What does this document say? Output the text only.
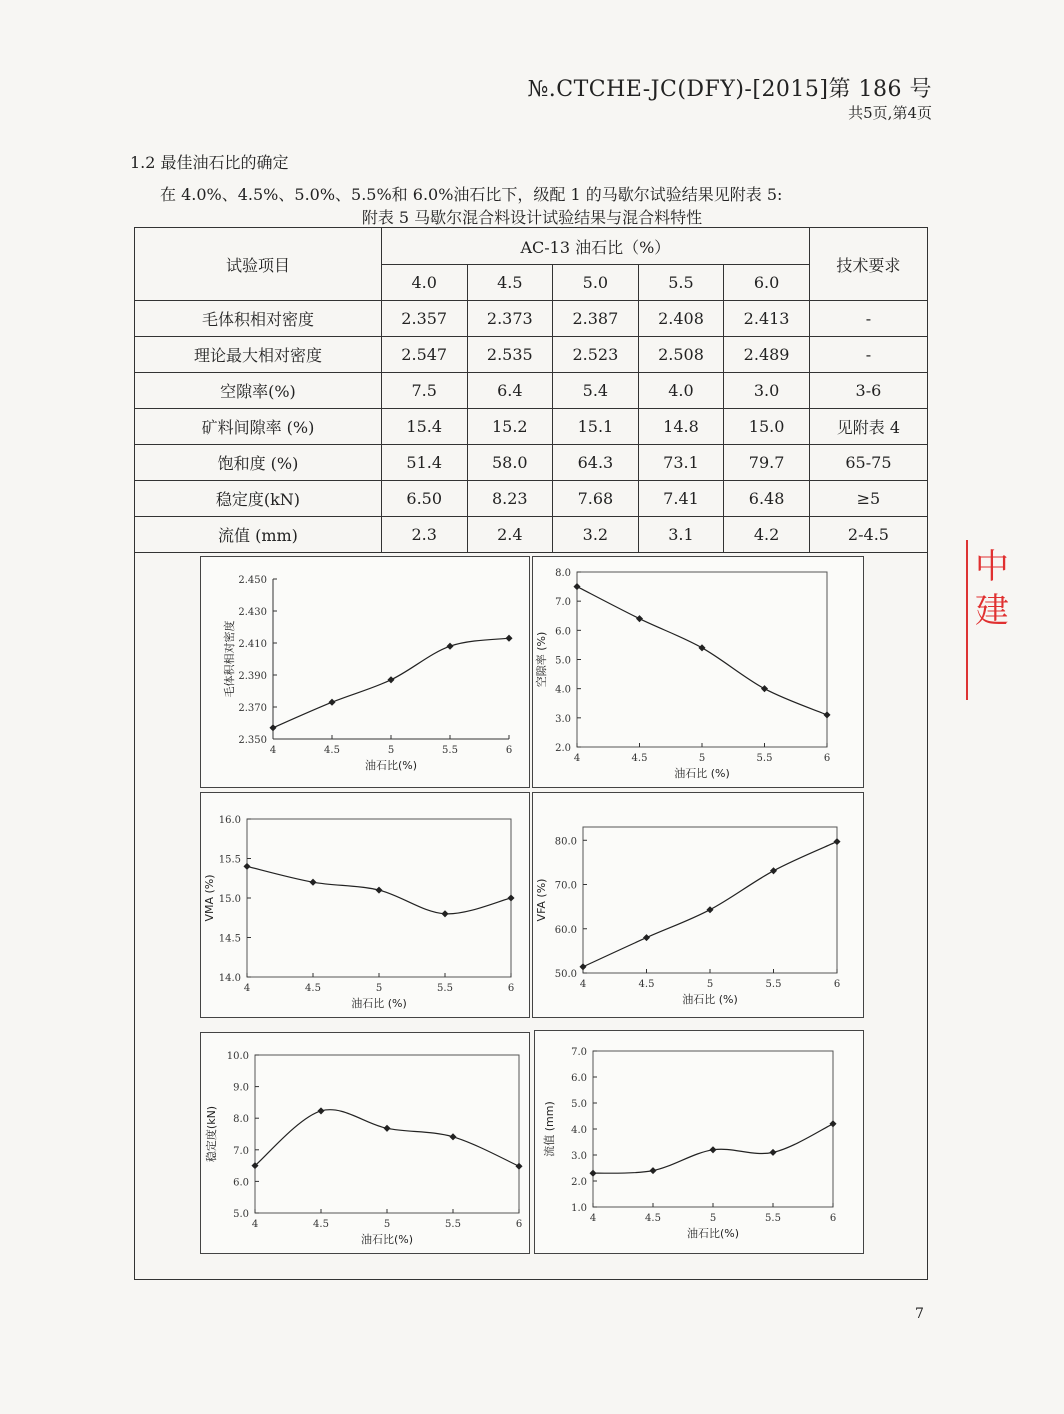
№.CTCHE-JC(DFY)-[2015]第 186 号
共5页,第4页
1.2 最佳油石比的确定
在 4.0%、4.5%、5.0%、5.5%和 6.0%油石比下，级配 1 的马歇尔试验结果见附表 5:
附表 5 马歇尔混合料设计试验结果与混合料特性
试验项目	AC-13 油石比（%）					技术要求
	4.0	4.5	5.0	5.5	6.0	
毛体积相对密度	2.357	2.373	2.387	2.408	2.413	-
理论最大相对密度	2.547	2.535	2.523	2.508	2.489	-
空隙率(%)	7.5	6.4	5.4	4.0	3.0	3-6
矿料间隙率 (%)	15.4	15.2	15.1	14.8	15.0	见附表 4
饱和度 (%)	51.4	58.0	64.3	73.1	79.7	65-75
稳定度(kN)	6.50	8.23	7.68	7.41	6.48	≥5
流值 (mm)	2.3	2.4	3.2	3.1	4.2	2-4.5
2.350
2.370
2.390
2.410
2.430
2.450
4	4.5	5	5.5	6
油石比(%)
毛体积相对密度
2.0
3.0
4.0
5.0
6.0
7.0
8.0
4	4.5	5	5.5	6
油石比 (%)
空隙率 (%)
14.0
14.5
15.0
15.5
16.0
4	4.5	5	5.5	6
油石比 (%)
VMA (%)
50.0
60.0
70.0
80.0
4	4.5	5	5.5	6
油石比 (%)
VFA (%)
5.0
6.0
7.0
8.0
9.0
10.0
4	4.5	5	5.5	6
油石比(%)
稳定度(kN)
1.0
2.0
3.0
4.0
5.0
6.0
7.0
4	4.5	5	5.5	6
油石比(%)
流值 (mm)
7
中 建
